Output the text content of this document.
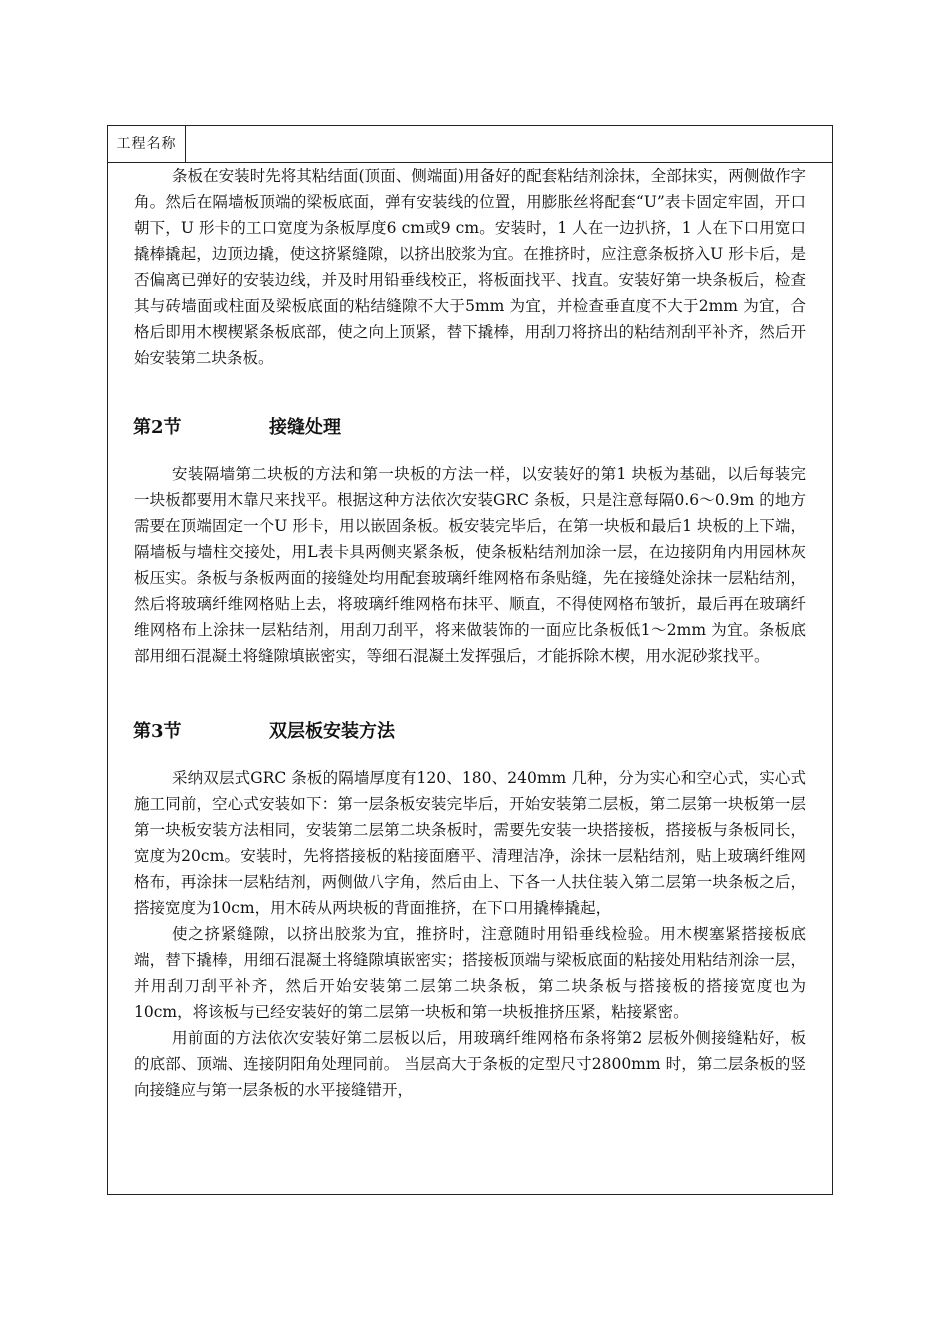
工程名称

条板在安装时先将其粘结面(顶面、侧端面)用备好的配套粘结剂涂抹，全部抹实，两侧做作字角。然后在隔墙板顶端的梁板底面，弹有安装线的位置，用膨胀丝将配套“U”表卡固定牢固，开口朝下，U 形卡的工口宽度为条板厚度6 cm或9 cm。安装时，1 人在一边扒挤，1 人在下口用宽口撬棒撬起，边顶边撬，使这挤紧缝隙，以挤出胶浆为宜。在推挤时，应注意条板挤入U 形卡后，是否偏离已弹好的安装边线，并及时用铅垂线校正，将板面找平、找直。安装好第一块条板后，检查其与砖墙面或柱面及梁板底面的粘结缝隙不大于5mm 为宜，并检查垂直度不大于2mm 为宜，合格后即用木楔楔紧条板底部，使之向上顶紧，替下撬棒，用刮刀将挤出的粘结剂刮平补齐，然后开始安装第二块条板。

第2节	接缝处理

安装隔墙第二块板的方法和第一块板的方法一样，以安装好的第1 块板为基础，以后每装完一块板都要用木靠尺来找平。根据这种方法依次安装GRC 条板，只是注意每隔0.6～0.9m 的地方需要在顶端固定一个U 形卡，用以嵌固条板。板安装完毕后，在第一块板和最后1 块板的上下端，隔墙板与墙柱交接处，用L表卡具两侧夹紧条板，使条板粘结剂加涂一层，在边接阴角内用园林灰板压实。条板与条板两面的接缝处均用配套玻璃纤维网格布条贴缝，先在接缝处涂抹一层粘结剂，然后将玻璃纤维网格贴上去，将玻璃纤维网格布抹平、顺直，不得使网格布皱折，最后再在玻璃纤维网格布上涂抹一层粘结剂，用刮刀刮平，将来做装饰的一面应比条板低1～2mm 为宜。条板底部用细石混凝土将缝隙填嵌密实，等细石混凝土发挥强后，才能拆除木楔，用水泥砂浆找平。

第3节	双层板安装方法

采纳双层式GRC 条板的隔墙厚度有120、180、240mm 几种，分为实心和空心式，实心式施工同前，空心式安装如下：第一层条板安装完毕后，开始安装第二层板，第二层第一块板第一层第一块板安装方法相同，安装第二层第二块条板时，需要先安装一块搭接板，搭接板与条板同长，宽度为20cm。安装时，先将搭接板的粘接面磨平、清理洁净，涂抹一层粘结剂，贴上玻璃纤维网格布，再涂抹一层粘结剂，两侧做八字角，然后由上、下各一人扶住装入第二层第一块条板之后，搭接宽度为10cm，用木砖从两块板的背面推挤，在下口用撬棒撬起，

使之挤紧缝隙，以挤出胶浆为宜，推挤时，注意随时用铅垂线检验。用木楔塞紧搭接板底端，替下撬棒，用细石混凝土将缝隙填嵌密实；搭接板顶端与梁板底面的粘接处用粘结剂涂一层，并用刮刀刮平补齐，然后开始安装第二层第二块条板，第二块条板与搭接板的搭接宽度也为10cm，将该板与已经安装好的第二层第一块板和第一块板推挤压紧，粘接紧密。

用前面的方法依次安装好第二层板以后，用玻璃纤维网格布条将第2 层板外侧接缝粘好，板的底部、顶端、连接阴阳角处理同前。 当层高大于条板的定型尺寸2800mm 时，第二层条板的竖向接缝应与第一层条板的水平接缝错开，
